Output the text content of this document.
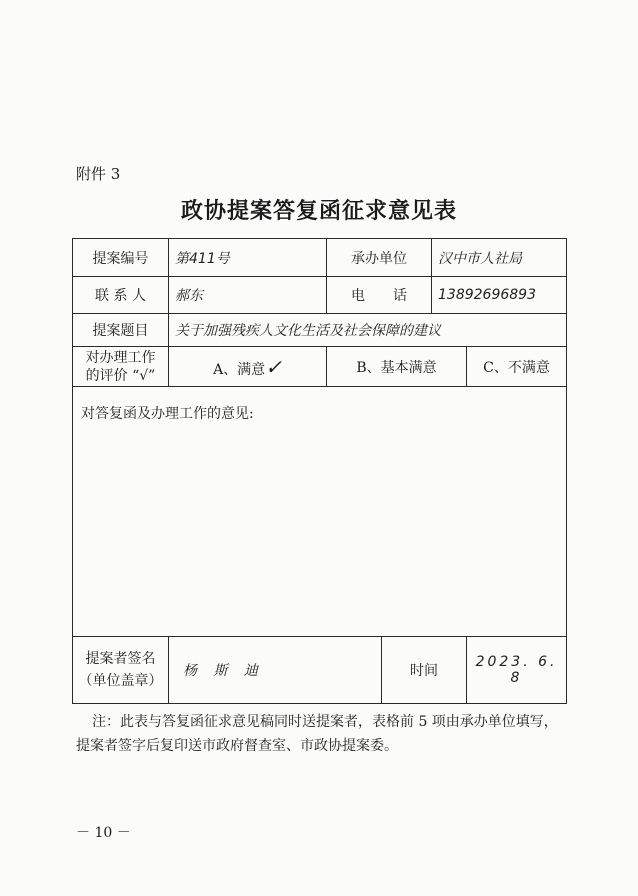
附件 3
政协提案答复函征求意见表
提案编号	第411号	承办单位		汉中市人社局	
联 系 人	郝东	电　　话		13892696893	
提案题目	关于加强残疾人文化生活及社会保障的建议				

对办理工作
的评价 “√”	A、满意✓	B、基本满意			C、不满意
对答复函及办理工作的意见:					

提案者签名
（单位盖章）	杨 斯 迪		时间		2023. 6. 8
注：此表与答复函征求意见稿同时送提案者，表格前 5 项由承办单位填写，提案者签字后复印送市政府督查室、市政协提案委。
－ 10 －
